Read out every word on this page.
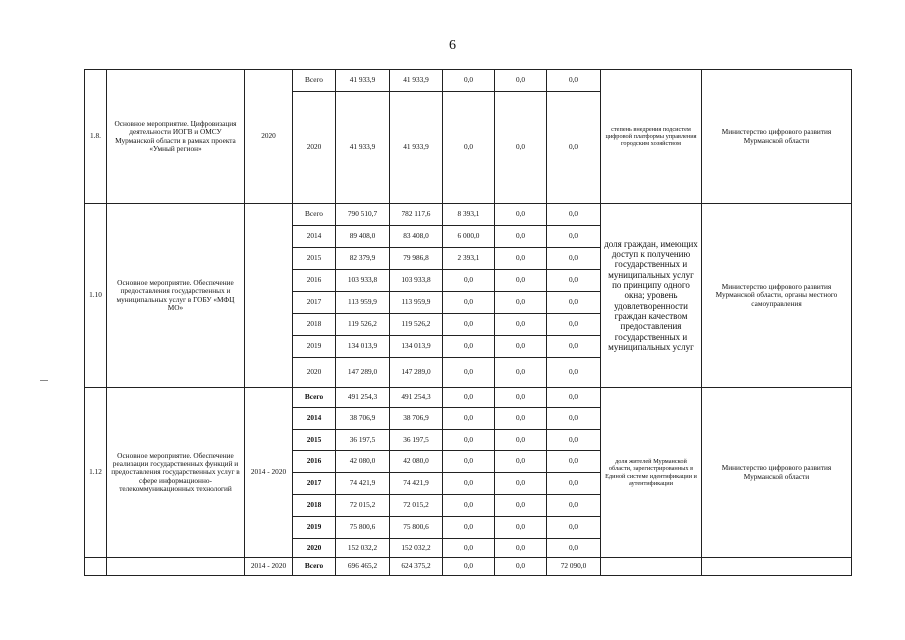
6
1.8.	Основное мероприятие. Цифровизация деятельности ИОГВ и ОМСУ Мурманской области в рамках проекта «Умный регион»	2020	Всего	41 933,9	41 933,9	0,0	0,0	0,0	степень внедрения подсистем цифровой платформы управления городским хозяйством	Министерство цифрового развития Мурманской области
			2020	41 933,9	41 933,9	0,0	0,0	0,0		
1.10	Основное мероприятие. Обеспечение предоставления государственных и муниципальных услуг в ГОБУ «МФЦ МО»		Всего	790 510,7	782 117,6	8 393,1	0,0	0,0	доля граждан, имеющих доступ к получению государственных и муниципальных услуг по принципу одного окна; уровень удовлетворенности граждан качеством предоставления государственных и муниципальных услуг	Министерство цифрового развития Мурманской области, органы местного самоуправления
			2014	89 408,0	83 408,0	6 000,0	0,0	0,0		
			2015	82 379,9	79 986,8	2 393,1	0,0	0,0		
			2016	103 933,8	103 933,8	0,0	0,0	0,0		
			2017	113 959,9	113 959,9	0,0	0,0	0,0		
			2018	119 526,2	119 526,2	0,0	0,0	0,0		
			2019	134 013,9	134 013,9	0,0	0,0	0,0		
			2020	147 289,0	147 289,0	0,0	0,0	0,0		
1.12	Основное мероприятие. Обеспечение реализации государственных функций и предоставления государственных услуг в сфере информационно-телекоммуникационных технологий	2014 - 2020	Всего	491 254,3	491 254,3	0,0	0,0	0,0	доля жителей Мурманской области, зарегистрированных в Единой системе идентификации и аутентификации	Министерство цифрового развития Мурманской области
			2014	38 706,9	38 706,9	0,0	0,0	0,0		
			2015	36 197,5	36 197,5	0,0	0,0	0,0		
			2016	42 080,0	42 080,0	0,0	0,0	0,0		
			2017	74 421,9	74 421,9	0,0	0,0	0,0		
			2018	72 015,2	72 015,2	0,0	0,0	0,0		
			2019	75 800,6	75 800,6	0,0	0,0	0,0		
			2020	152 032,2	152 032,2	0,0	0,0	0,0		
		2014 - 2020	Всего	696 465,2	624 375,2	0,0	0,0	72 090,0		
